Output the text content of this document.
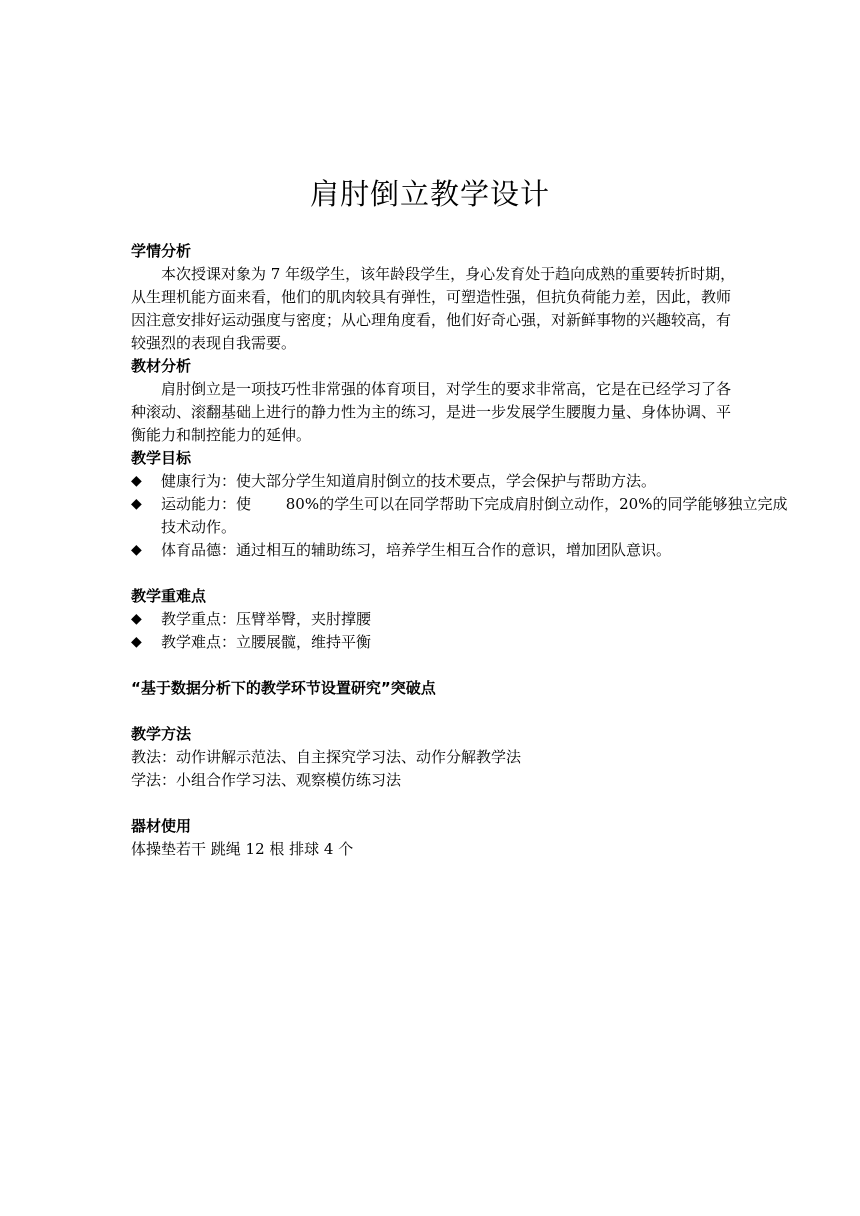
肩肘倒立教学设计

学情分析

本次授课对象为 7 年级学生，该年龄段学生，身心发育处于趋向成熟的重要转折时期，从生理机能方面来看，他们的肌肉较具有弹性，可塑造性强，但抗负荷能力差，因此，教师因注意安排好运动强度与密度；从心理角度看，他们好奇心强，对新鲜事物的兴趣较高，有较强烈的表现自我需要。

教材分析

肩肘倒立是一项技巧性非常强的体育项目，对学生的要求非常高，它是在已经学习了各种滚动、滚翻基础上进行的静力性为主的练习，是进一步发展学生腰腹力量、身体协调、平衡能力和制控能力的延伸。

教学目标

◆ 健康行为：使大部分学生知道肩肘倒立的技术要点，学会保护与帮助方法。

◆ 运动能力：使　　 80%的学生可以在同学帮助下完成肩肘倒立动作，20%的同学能够独立完成技术动作。

◆ 体育品德：通过相互的辅助练习，培养学生相互合作的意识，增加团队意识。

教学重难点

◆ 教学重点：压臂举臀，夹肘撑腰

◆ 教学难点：立腰展髋，维持平衡

“基于数据分析下的教学环节设置研究”突破点

教学方法

教法：动作讲解示范法、自主探究学习法、动作分解教学法

学法：小组合作学习法、观察模仿练习法

器材使用

体操垫若干 跳绳 12 根 排球 4 个
